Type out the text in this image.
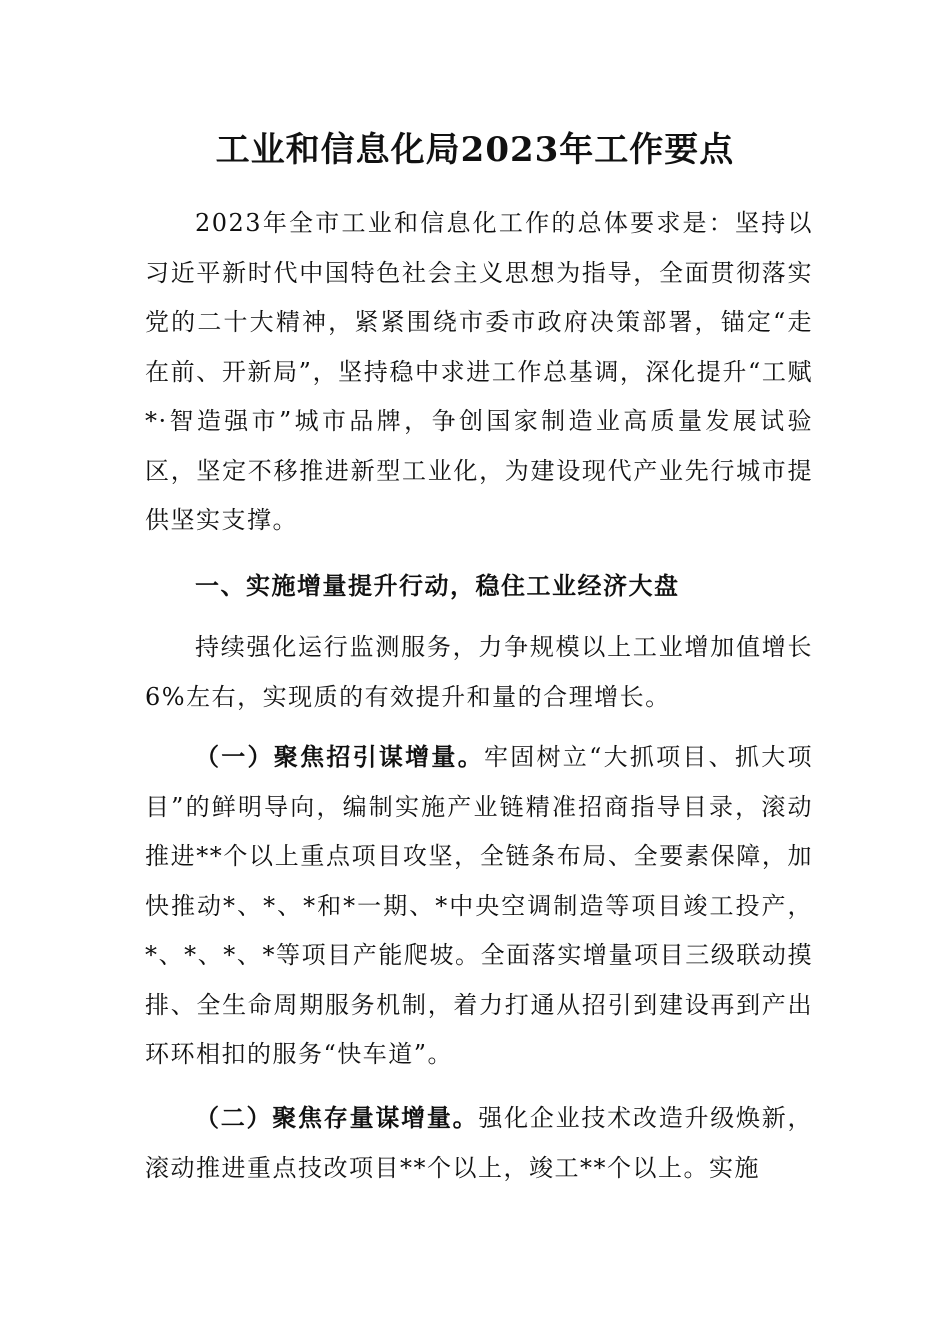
工业和信息化局2023年工作要点

2023年全市工业和信息化工作的总体要求是：坚持以习近平新时代中国特色社会主义思想为指导，全面贯彻落实党的二十大精神，紧紧围绕市委市政府决策部署，锚定“走在前、开新局”，坚持稳中求进工作总基调，深化提升“工赋*·智造强市”城市品牌，争创国家制造业高质量发展试验区，坚定不移推进新型工业化，为建设现代产业先行城市提供坚实支撑。

一、实施增量提升行动，稳住工业经济大盘

持续强化运行监测服务，力争规模以上工业增加值增长6%左右，实现质的有效提升和量的合理增长。

（一）聚焦招引谋增量。牢固树立“大抓项目、抓大项目”的鲜明导向，编制实施产业链精准招商指导目录，滚动推进**个以上重点项目攻坚，全链条布局、全要素保障，加快推动*、*、*和*一期、*中央空调制造等项目竣工投产，*、*、*、*等项目产能爬坡。全面落实增量项目三级联动摸排、全生命周期服务机制，着力打通从招引到建设再到产出环环相扣的服务“快车道”。

（二）聚焦存量谋增量。强化企业技术改造升级焕新，滚动推进重点技改项目**个以上，竣工**个以上。实施
